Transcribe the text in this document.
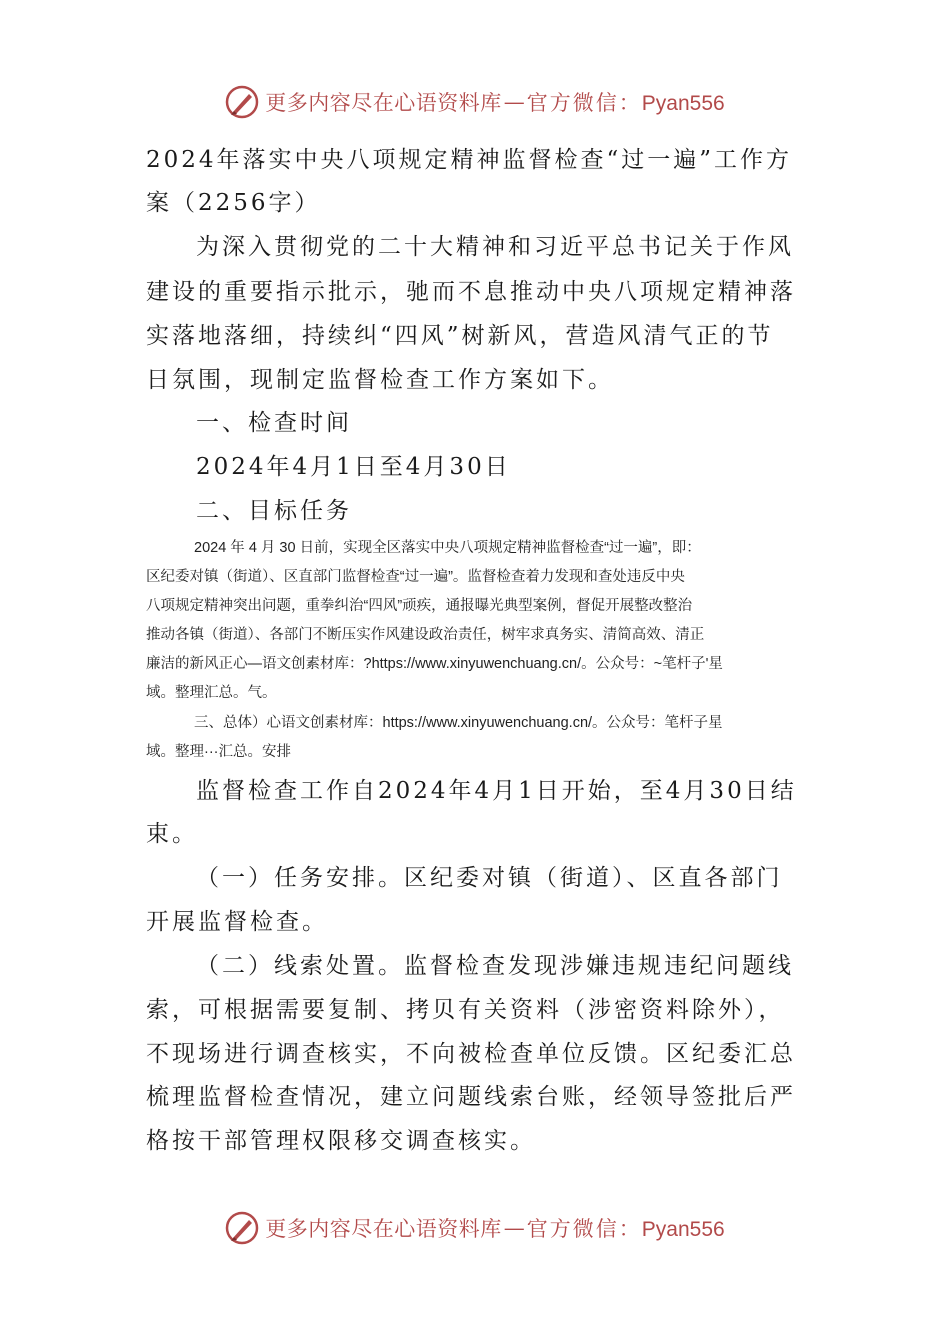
更多内容尽在心语资料库 — 官方微信：Pyan556
2024年落实中央八项规定精神监督检查“过一遍”工作方
案（2256字）
为深入贯彻党的二十大精神和习近平总书记关于作风
建设的重要指示批示，驰而不息推动中央八项规定精神落
实落地落细，持续纠“四风”树新风，营造风清气正的节
日氛围，现制定监督检查工作方案如下。
一、检查时间
2024年4月1日至4月30日
二、目标任务
2024 年 4 月 30 日前，实现全区落实中央八项规定精神监督检查“过一遍”，即：
区纪委对镇（街道）、区直部门监督检查“过一遍”。监督检查着力发现和查处违反中央
八项规定精神突出问题，重拳纠治“四风”顽疾，通报曝光典型案例，督促开展整改整治
推动各镇（街道）、各部门不断压实作风建设政治责任，树牢求真务实、清简高效、清正
廉洁的新风正心—语文创素材库：?https://www.xinyuwenchuang.cn/。公众号：~笔杆子'星
域。整理汇总。气。
三、总体）心语文创素材库：https://www.xinyuwenchuang.cn/。公众号：笔杆子星
域。整理···汇总。安排
监督检查工作自2024年4月1日开始，至4月30日结
束。
（一）任务安排。区纪委对镇（街道）、区直各部门
开展监督检查。
（二）线索处置。监督检查发现涉嫌违规违纪问题线
索，可根据需要复制、拷贝有关资料（涉密资料除外），
不现场进行调查核实，不向被检查单位反馈。区纪委汇总
梳理监督检查情况，建立问题线索台账，经领导签批后严
格按干部管理权限移交调查核实。
更多内容尽在心语资料库 — 官方微信：Pyan556
